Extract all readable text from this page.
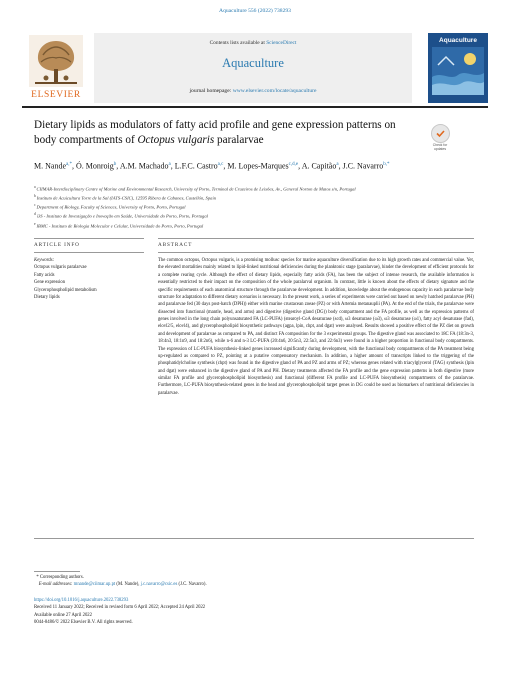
Aquaculture 556 (2022) 738293
ELSEVIER
Contents lists available at ScienceDirect
Aquaculture
journal homepage: www.elsevier.com/locate/aquaculture
Aquaculture
Dietary lipids as modulators of fatty acid profile and gene expression patterns on body compartments of Octopus vulgaris paralarvae	Check for updates
M. Nande$^{a,*}$, Ó. Monroig$^b$, A.M. Machado$^a$, L.F.C. Castro$^{a,c}$, M. Lopes-Marques$^{c,d,e}$, A. Capitão$^a$, J.C. Navarro$^{b,*}$
$^a$ CIIMAR-Interdisciplinary Centre of Marine and Environmental Research, University of Porto, Terminal de Cruzeiros de Leixões, Av., General Norton de Matos s/n, Portugal
$^b$ Instituto de Acuicultura Torre de la Sal (IATS-CSIC), 12595 Ribera de Cabanes, Castellón, Spain
$^c$ Department of Biology, Faculty of Sciences, University of Porto, Porto, Portugal
$^d$ i3S - Instituto de Investigação e Inovação em Saúde, Universidade do Porto, Porto, Portugal
$^e$ IBMC - Instituto de Biologia Molecular e Celular, Universidade do Porto, Porto, Portugal
ARTICLE INFO	ABSTRACT
Keywords:
Octopus vulgaris paralarvae
Fatty acids
Gene expression
Glycerophospholipid metabolism
Dietary lipids
The common octopus, Octopus vulgaris, is a promising mollusc species for marine aquaculture diversification due to its high growth rates and commercial value. Yet, the elevated mortalities mainly related to lipid-linked nutritional deficiencies during the planktonic stage (paralarvae), hinder the development of efficient protocols for a complete rearing cycle. Although the effect of dietary lipids, especially fatty acids (FA), has been the subject of intense research, the available information is essentially restricted to their impact on the composition of the whole paralarval organism. In contrast, little is known about the effects of dietary signature and the specific requirements of each anatomical structure through the paralarvae development. In addition, knowledge about the endogenous capacity in each paralarvae body structure for adaptation to different dietary scenarios is necessary. In the present work, a series of experiments were carried out based on newly hatched paralarvae (PH) and paralarvae fed (30 days post-hatch (DPH)) either with marine crustacean zoeae (PZ) or with Artemia metanauplii (PA). At the end of the trials, the paralarvae were dissected into functional (mantle, head, and arms) and digestive (digestive gland (DG)) body compartment and the FA profile, as well as the expression patterns of genes involved in the long chain polyunsaturated FA (LC-PUFA) (stearoyl-CoA desaturase (scd), ω3 desaturase (ω3), ω3 desaturase (ω1), fatty acyl desaturase (fad), elovl2/5, elovl4), and glycerophospholipid biosynthetic pathways (agpa, lpin, chpt, and dgat) were analysed. Results showed a positive effect of the PZ diet on growth and development of paralarvae as compared to PA, and distinct FA composition for the 3 experimental groups. The digestive gland was associated to 18C FA (18:3n-3, 18:4n3, 18:1n9, and 18:2n6), while n-6 and n-3 LC-PUFA (20:4n6, 20:5n3, 22:5n3, and 22:6n3) were found in a higher proportion in functional body compartments. The expression of LC-PUFA biosynthesis-linked genes increased significantly during development, with the functional body compartments of the PA treatment being up-regulated as compared to PZ, pointing at a putative compensatory mechanism. In addition, a higher amount of transcripts linked to the triggering of the phosphatidylcholine synthesis (chpt) was found in the digestive gland of PA and PZ and arms of PZ; whereas genes related with triacylglycerol (TAG) synthesis (lpin and dgat) were enhanced in the digestive gland of PA and PH. Dietary treatments affected the FA profile and the gene expression patterns in both digestive (more similar FA profile and glycerophospholipid biosynthesis) and functional (different FA profile and LC-PUFA biosynthesis) compartments of the paralarvae. Furthermore, LC-PUFA biosynthesis-related genes in the head and glycerophospholipid target genes in DG could be used as biomarkers of nutritional deficiencies in paralarvae.
* Corresponding authors.
E-mail addresses: mnande@ciimar.up.pt (M. Nande), j.c.navarro@csic.es (J.C. Navarro).
https://doi.org/10.1016/j.aquaculture.2022.738293
Received 11 January 2022; Received in revised form 6 April 2022; Accepted 24 April 2022
Available online 27 April 2022
0044-8486/© 2022 Elsevier B.V. All rights reserved.
